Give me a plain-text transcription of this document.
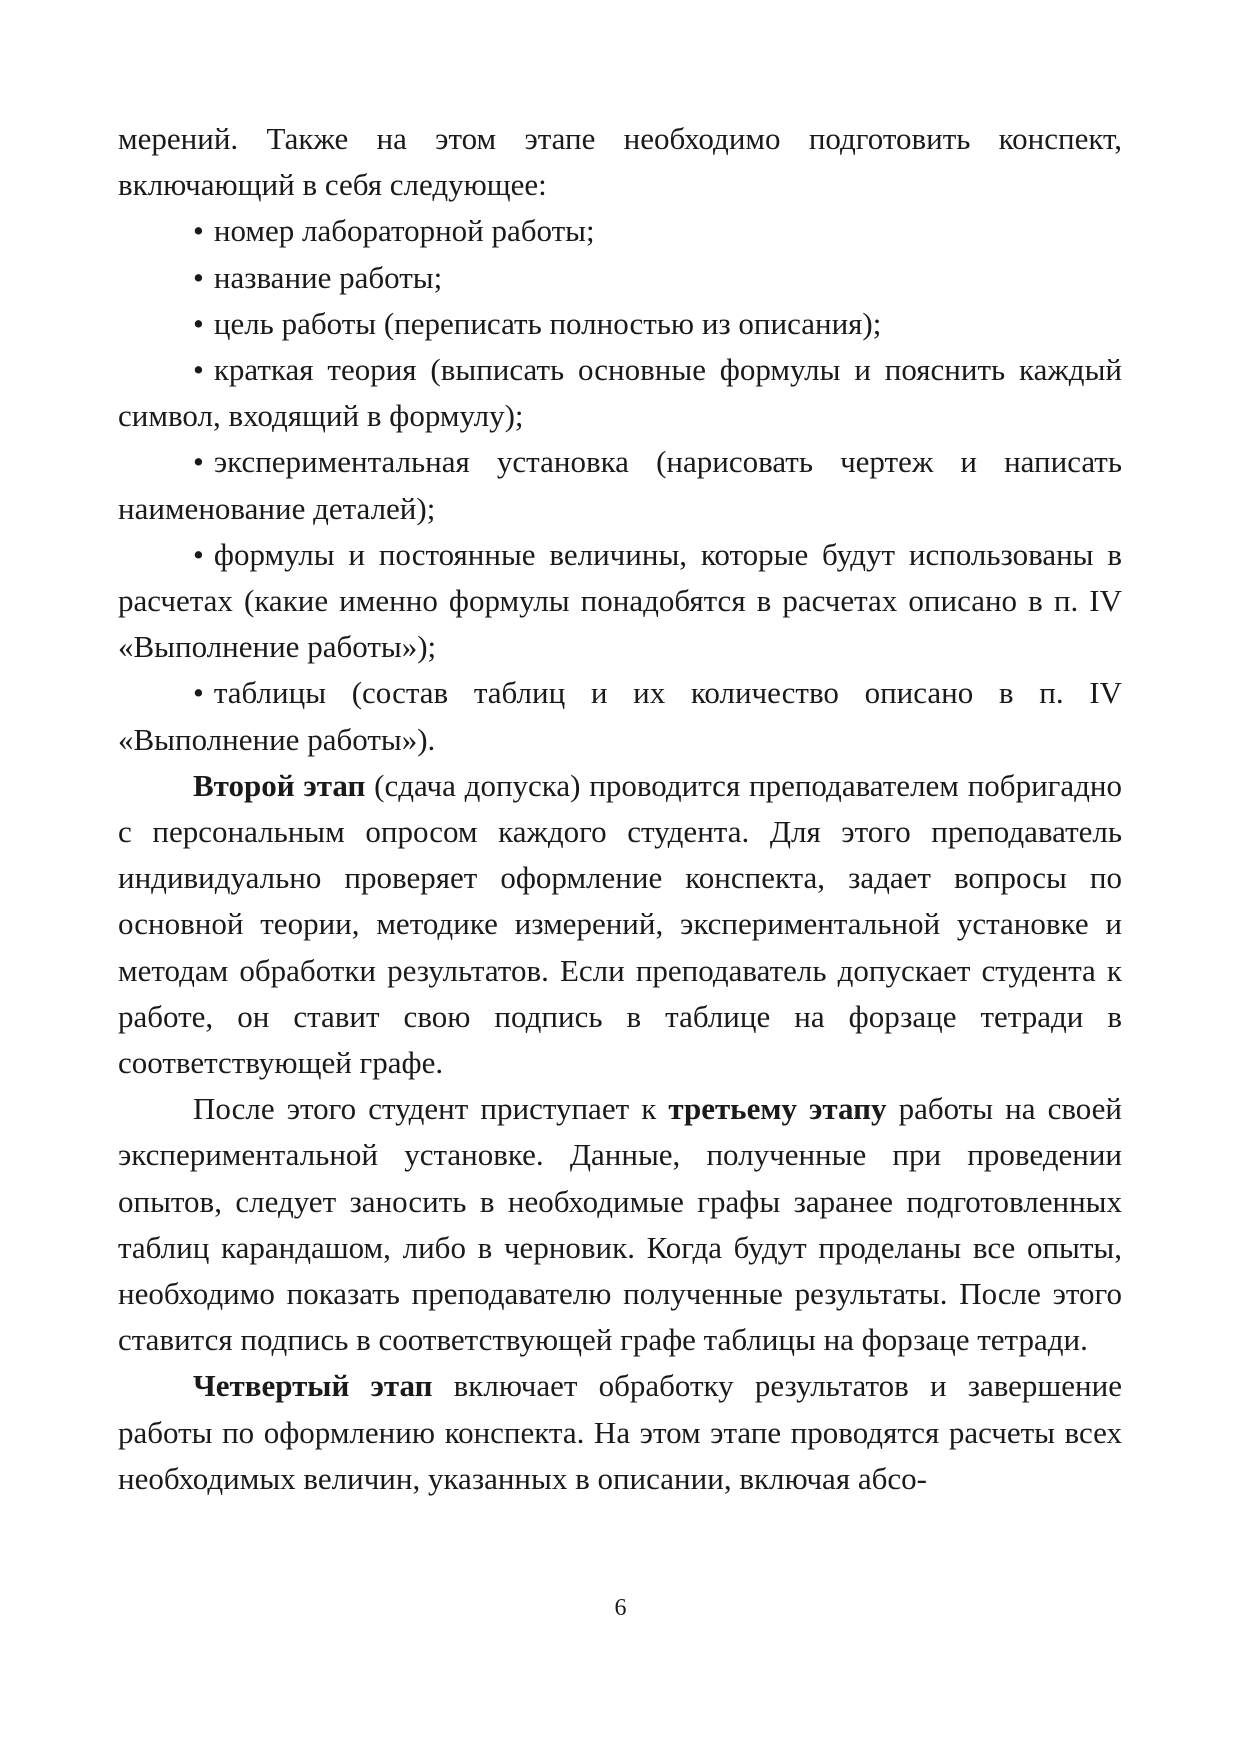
мерений. Также на этом этапе необходимо подготовить конспект, включающий в себя следующее:

• номер лабораторной работы;

• название работы;

• цель работы (переписать полностью из описания);

• краткая теория (выписать основные формулы и пояснить каждый символ, входящий в формулу);

• экспериментальная установка (нарисовать чертеж и написать наименование деталей);

• формулы и постоянные величины, которые будут использованы в расчетах (какие именно формулы понадобятся в расчетах описано в п. IV «Выполнение работы»);

• таблицы (состав таблиц и их количество описано в п. IV «Выполнение работы»).

Второй этап (сдача допуска) проводится преподавателем побригадно с персональным опросом каждого студента. Для этого преподаватель индивидуально проверяет оформление конспекта, задает вопросы по основной теории, методике измерений, экспериментальной установке и методам обработки результатов. Если преподаватель допускает студента к работе, он ставит свою подпись в таблице на форзаце тетради в соответствующей графе.

После этого студент приступает к третьему этапу работы на своей экспериментальной установке. Данные, полученные при проведении опытов, следует заносить в необходимые графы заранее подготовленных таблиц карандашом, либо в черновик. Когда будут проделаны все опыты, необходимо показать преподавателю полученные результаты. После этого ставится подпись в соответствующей графе таблицы на форзаце тетради.

Четвертый этап включает обработку результатов и завершение работы по оформлению конспекта. На этом этапе проводятся расчеты всех необходимых величин, указанных в описании, включая абсо-

6
